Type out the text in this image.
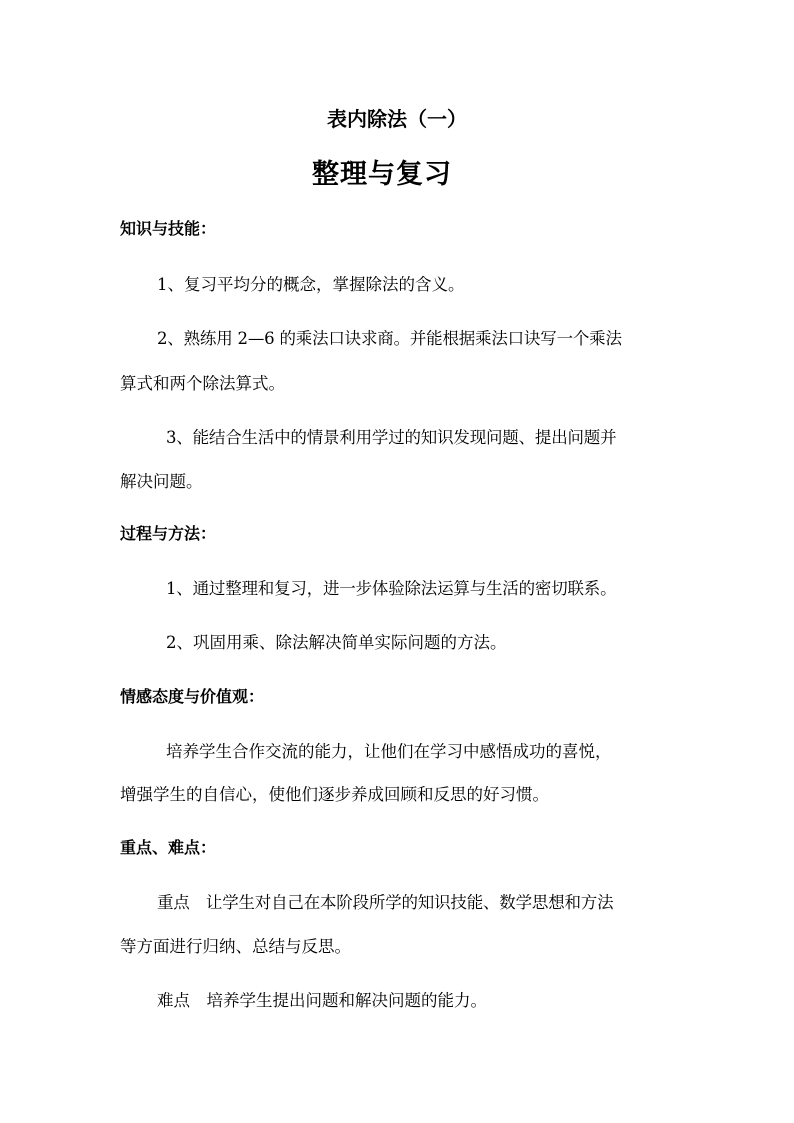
表内除法（一）

整理与复习

知识与技能：

1、复习平均分的概念，掌握除法的含义。

2、熟练用 2—6 的乘法口诀求商。并能根据乘法口诀写一个乘法

算式和两个除法算式。

3、能结合生活中的情景利用学过的知识发现问题、提出问题并

解决问题。

过程与方法：

1、通过整理和复习，进一步体验除法运算与生活的密切联系。

2、巩固用乘、除法解决简单实际问题的方法。

情感态度与价值观：

培养学生合作交流的能力，让他们在学习中感悟成功的喜悦，

增强学生的自信心，使他们逐步养成回顾和反思的好习惯。

重点、难点：

重点　让学生对自己在本阶段所学的知识技能、数学思想和方法

等方面进行归纳、总结与反思。

难点　培养学生提出问题和解决问题的能力。
